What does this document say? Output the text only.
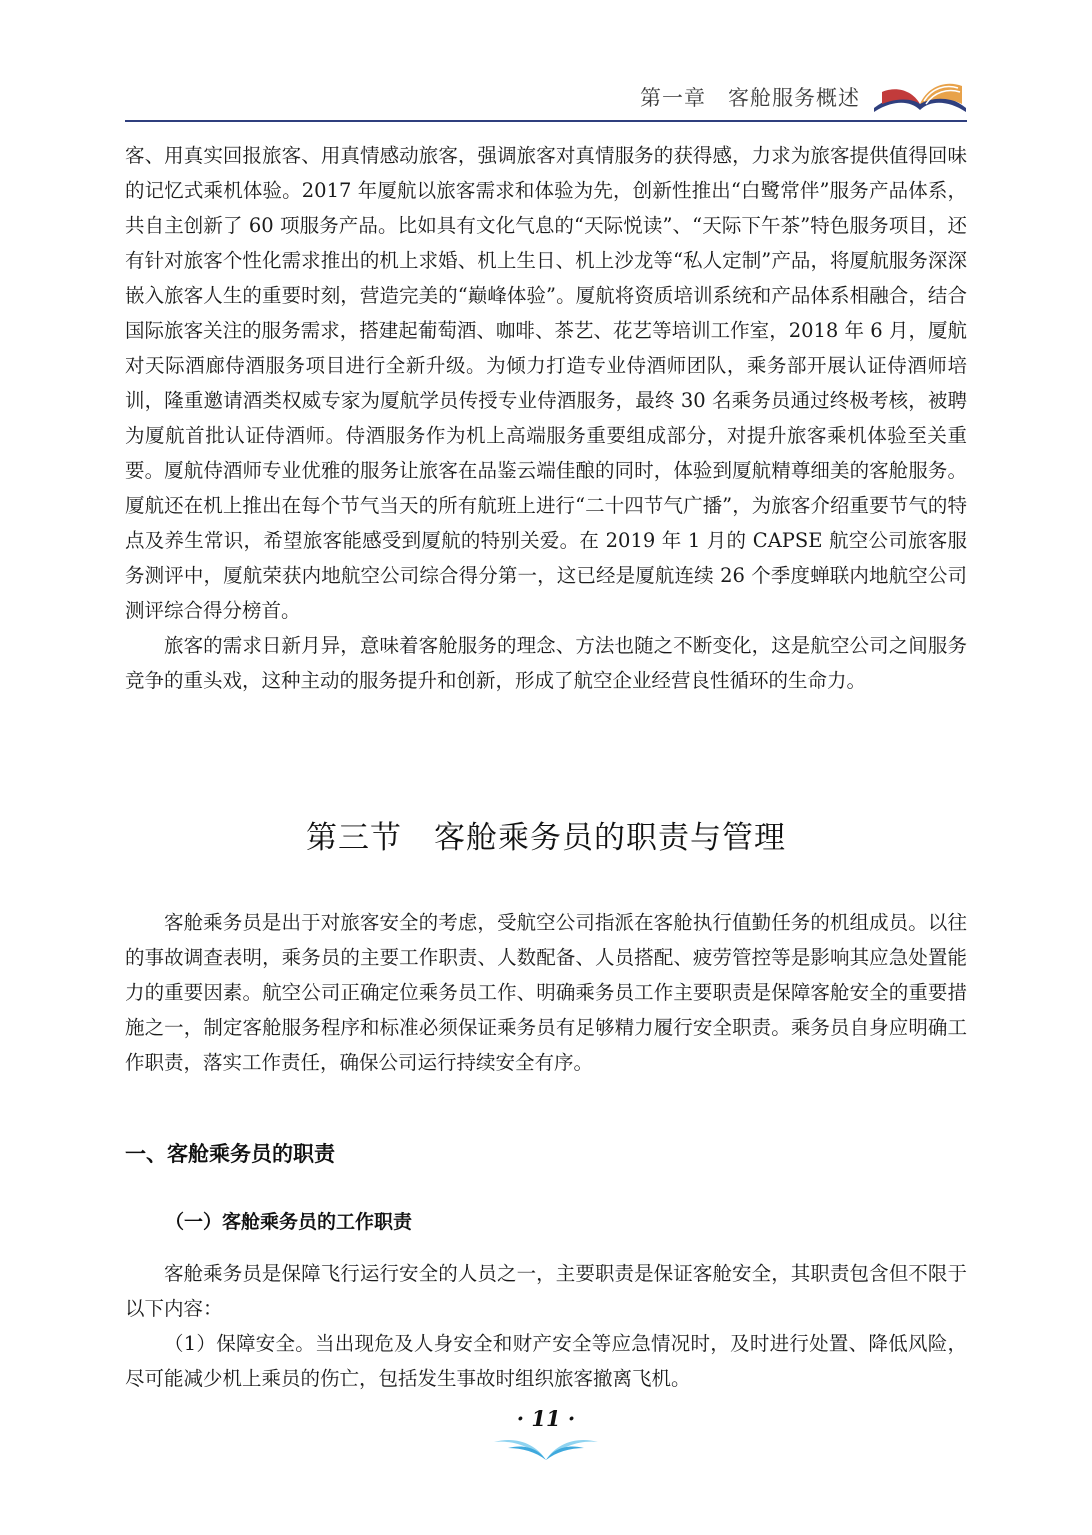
第一章　客舱服务概述

客、用真实回报旅客、用真情感动旅客，强调旅客对真情服务的获得感，力求为旅客提供值得回味的记忆式乘机体验。2017 年厦航以旅客需求和体验为先，创新性推出“白鹭常伴”服务产品体系，共自主创新了 60 项服务产品。比如具有文化气息的“天际悦读”、“天际下午茶”特色服务项目，还有针对旅客个性化需求推出的机上求婚、机上生日、机上沙龙等“私人定制”产品，将厦航服务深深嵌入旅客人生的重要时刻，营造完美的“巅峰体验”。厦航将资质培训系统和产品体系相融合，结合国际旅客关注的服务需求，搭建起葡萄酒、咖啡、茶艺、花艺等培训工作室，2018 年 6 月，厦航对天际酒廊侍酒服务项目进行全新升级。为倾力打造专业侍酒师团队，乘务部开展认证侍酒师培训，隆重邀请酒类权威专家为厦航学员传授专业侍酒服务，最终 30 名乘务员通过终极考核，被聘为厦航首批认证侍酒师。侍酒服务作为机上高端服务重要组成部分，对提升旅客乘机体验至关重要。厦航侍酒师专业优雅的服务让旅客在品鉴云端佳酿的同时，体验到厦航精尊细美的客舱服务。厦航还在机上推出在每个节气当天的所有航班上进行“二十四节气广播”，为旅客介绍重要节气的特点及养生常识，希望旅客能感受到厦航的特别关爱。在 2019 年 1 月的 CAPSE 航空公司旅客服务测评中，厦航荣获内地航空公司综合得分第一，这已经是厦航连续 26 个季度蝉联内地航空公司测评综合得分榜首。

旅客的需求日新月异，意味着客舱服务的理念、方法也随之不断变化，这是航空公司之间服务竞争的重头戏，这种主动的服务提升和创新，形成了航空企业经营良性循环的生命力。

第三节　客舱乘务员的职责与管理

客舱乘务员是出于对旅客安全的考虑，受航空公司指派在客舱执行值勤任务的机组成员。以往的事故调查表明，乘务员的主要工作职责、人数配备、人员搭配、疲劳管控等是影响其应急处置能力的重要因素。航空公司正确定位乘务员工作、明确乘务员工作主要职责是保障客舱安全的重要措施之一，制定客舱服务程序和标准必须保证乘务员有足够精力履行安全职责。乘务员自身应明确工作职责，落实工作责任，确保公司运行持续安全有序。

一、客舱乘务员的职责
（一）客舱乘务员的工作职责

客舱乘务员是保障飞行运行安全的人员之一，主要职责是保证客舱安全，其职责包含但不限于以下内容：

（1）保障安全。当出现危及人身安全和财产安全等应急情况时，及时进行处置、降低风险，尽可能减少机上乘员的伤亡，包括发生事故时组织旅客撤离飞机。

· 11 ·
